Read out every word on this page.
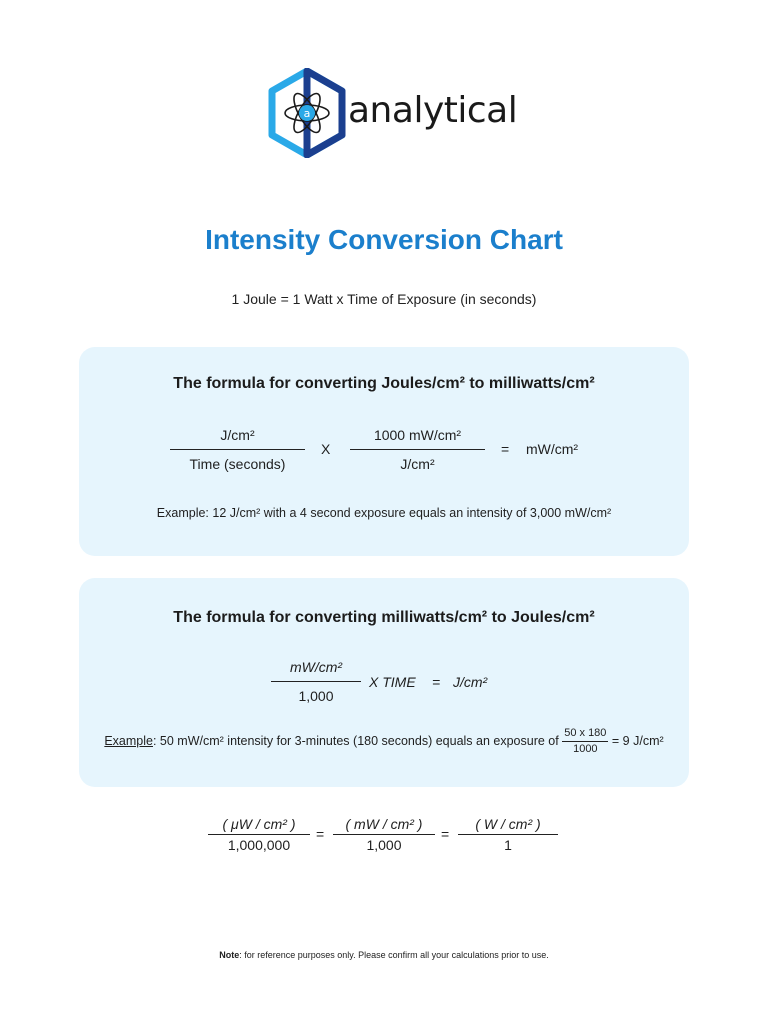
a analytical
Intensity Conversion Chart
1 Joule = 1 Watt x Time of Exposure (in seconds)
The formula for converting Joules/cm² to milliwatts/cm²
J/cm²
Time (seconds)
X $\frac{\text{1000 mW/cm²}}{\text{J/cm²}} = mW/cm^2$
Example: 12 J/cm² with a 4 second exposure equals an intensity of 3,000 mW/cm²
The formula for converting milliwatts/cm² to Joules/cm²
$\frac{\text{mW/cm²}}{1,000}$ X TIME = J/cm²
Example: 50 mW/cm² intensity for 3-minutes (180 seconds) equals an exposure of $\frac{50 x 180}{1000} = 9$ J/cm²
$\frac{\text{( μW / cm² )}}{1,000,000} = \frac{\text{( mW / cm² )}}{1,000} = \frac{\text{( W / cm² )}}{1}$
Note: for reference purposes only. Please confirm all your calculations prior to use.
